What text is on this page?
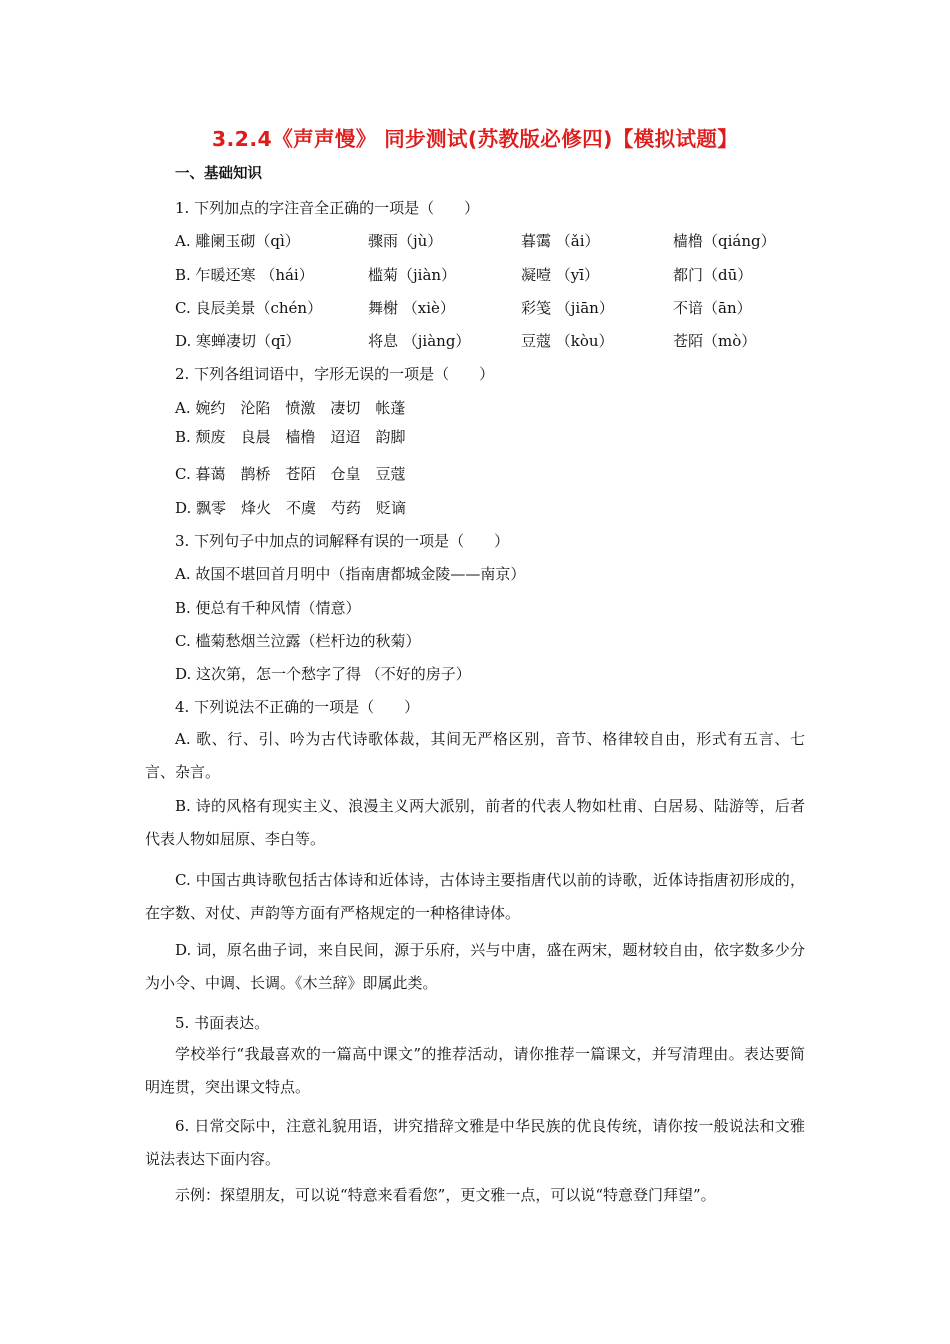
3.2.4《声声慢》 同步测试(苏教版必修四)【模拟试题】
一、基础知识
1. 下列加点的字注音全正确的一项是（　　）
A. 雕阑玉砌（qì）	骤雨（jù）	暮霭 （ǎi）	樯橹（qiáng）
B. 乍暖还寒 （hái）	槛菊（jiàn）	凝噎 （yī）	都门（dū）
C. 良辰美景（chén）	舞榭 （xiè）	彩笺 （jiān）	不谙（ān）
D. 寒蝉凄切（qī）	将息 （jiàng）	豆蔻 （kòu）	苍陌（mò）
2. 下列各组词语中，字形无误的一项是（　　）
A. 婉约　沦陷　愤激　凄切　帐蓬
B. 颓废　良晨　樯橹　迢迢　韵脚
C. 暮蔼　鹊桥　苍陌　仓皇　豆蔻
D. 飘零　烽火　不虞　芍药　贬谪
3. 下列句子中加点的词解释有误的一项是（　　）
A. 故国不堪回首月明中（指南唐都城金陵——南京）
B. 便总有千种风情（情意）
C. 槛菊愁烟兰泣露（栏杆边的秋菊）
D. 这次第，怎一个愁字了得 （不好的房子）
4. 下列说法不正确的一项是（　　）
A. 歌、行、引、吟为古代诗歌体裁，其间无严格区别，音节、格律较自由，形式有五言、七言、杂言。
B. 诗的风格有现实主义、浪漫主义两大派别，前者的代表人物如杜甫、白居易、陆游等，后者代表人物如屈原、李白等。
C. 中国古典诗歌包括古体诗和近体诗，古体诗主要指唐代以前的诗歌，近体诗指唐初形成的，在字数、对仗、声韵等方面有严格规定的一种格律诗体。
D. 词，原名曲子词，来自民间，源于乐府，兴与中唐，盛在两宋，题材较自由，依字数多少分为小令、中调、长调。《木兰辞》即属此类。
5. 书面表达。
学校举行“我最喜欢的一篇高中课文”的推荐活动，请你推荐一篇课文，并写清理由。表达要简明连贯，突出课文特点。
6. 日常交际中，注意礼貌用语，讲究措辞文雅是中华民族的优良传统，请你按一般说法和文雅说法表达下面内容。
示例：探望朋友，可以说“特意来看看您”，更文雅一点，可以说“特意登门拜望”。
